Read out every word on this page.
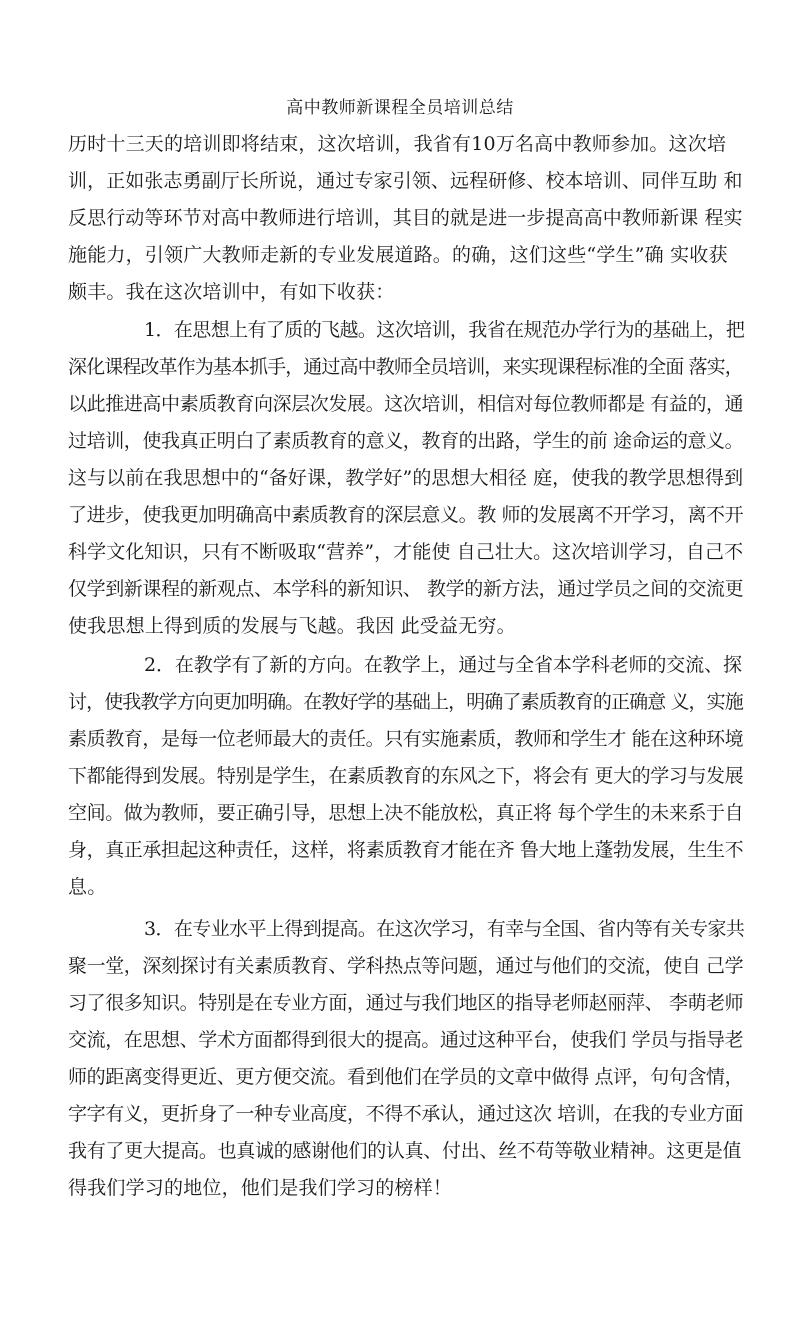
高中教师新课程全员培训总结
历时十三天的培训即将结束，这次培训，我省有10万名高中教师参加。这次培
训，正如张志勇副厅长所说，通过专家引领、远程研修、校本培训、同伴互助 和
反思行动等环节对高中教师进行培训，其目的就是进一步提高高中教师新课 程实
施能力，引领广大教师走新的专业发展道路。的确，这们这些“学生”确 实收获
颇丰。我在这次培训中，有如下收获：
1．在思想上有了质的飞越。这次培训，我省在规范办学行为的基础上，把
深化课程改革作为基本抓手，通过高中教师全员培训，来实现课程标准的全面 落实，
以此推进高中素质教育向深层次发展。这次培训，相信对每位教师都是 有益的，通
过培训，使我真正明白了素质教育的意义，教育的出路，学生的前 途命运的意义。
这与以前在我思想中的“备好课，教学好”的思想大相径 庭，使我的教学思想得到
了进步，使我更加明确高中素质教育的深层意义。教 师的发展离不开学习，离不开
科学文化知识，只有不断吸取“营养”，才能使 自己壮大。这次培训学习，自己不
仅学到新课程的新观点、本学科的新知识、 教学的新方法，通过学员之间的交流更
使我思想上得到质的发展与飞越。我因 此受益无穷。
2．在教学有了新的方向。在教学上，通过与全省本学科老师的交流、探
讨，使我教学方向更加明确。在教好学的基础上，明确了素质教育的正确意 义，实施
素质教育，是每一位老师最大的责任。只有实施素质，教师和学生才 能在这种环境
下都能得到发展。特别是学生，在素质教育的东风之下，将会有 更大的学习与发展
空间。做为教师，要正确引导，思想上决不能放松，真正将 每个学生的未来系于自
身，真正承担起这种责任，这样，将素质教育才能在齐 鲁大地上蓬勃发展，生生不
息。
3．在专业水平上得到提高。在这次学习，有幸与全国、省内等有关专家共
聚一堂，深刻探讨有关素质教育、学科热点等问题，通过与他们的交流，使自 己学
习了很多知识。特别是在专业方面，通过与我们地区的指导老师赵丽萍、 李萌老师
交流，在思想、学术方面都得到很大的提高。通过这种平台，使我们 学员与指导老
师的距离变得更近、更方便交流。看到他们在学员的文章中做得 点评，句句含情，
字字有义，更折身了一种专业高度，不得不承认，通过这次 培训，在我的专业方面
我有了更大提高。也真诚的感谢他们的认真、付出、丝不苟等敬业精神。这更是值
得我们学习的地位，他们是我们学习的榜样！
